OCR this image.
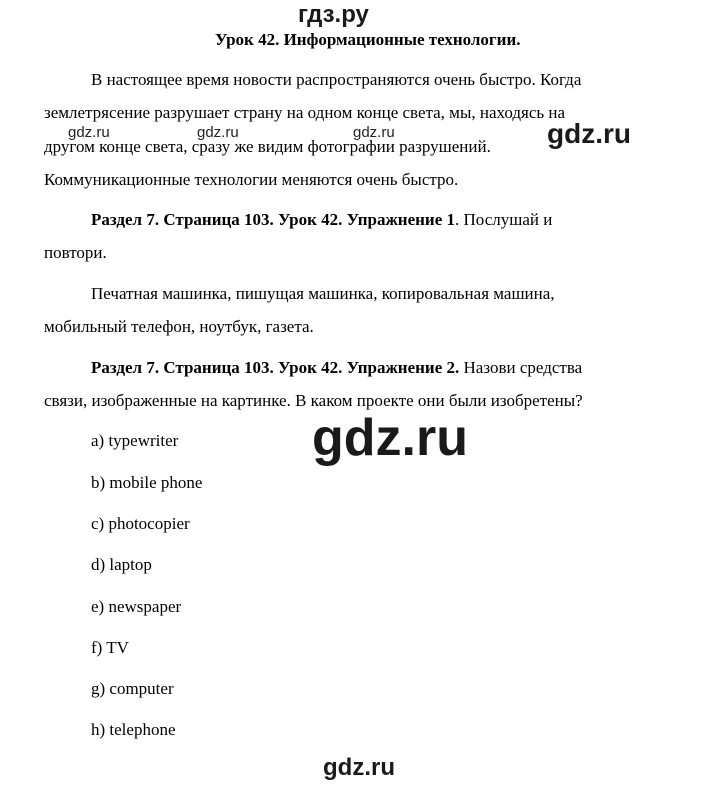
гдз.ру
Урок 42. Информационные технологии.
В настоящее время новости распространяются очень быстро. Когда
землетрясение разрушает страну на одном конце света, мы, находясь на
другом конце света, сразу же видим фотографии разрушений.
Коммуникационные технологии меняются очень быстро.
gdz.ru	gdz.ru	gdz.ru	gdz.ru
Раздел 7. Страница 103. Урок 42. Упражнение 1. Послушай и
повтори.
Печатная машинка, пишущая машинка, копировальная машина,
мобильный телефон, ноутбук, газета.
Раздел 7. Страница 103. Урок 42. Упражнение 2. Назови средства
связи, изображенные на картинке. В каком проекте они были изобретены?
gdz.ru
a) typewriter
b) mobile phone
c) photocopier
d) laptop
e) newspaper
f) TV
g) computer
h) telephone
gdz.ru
